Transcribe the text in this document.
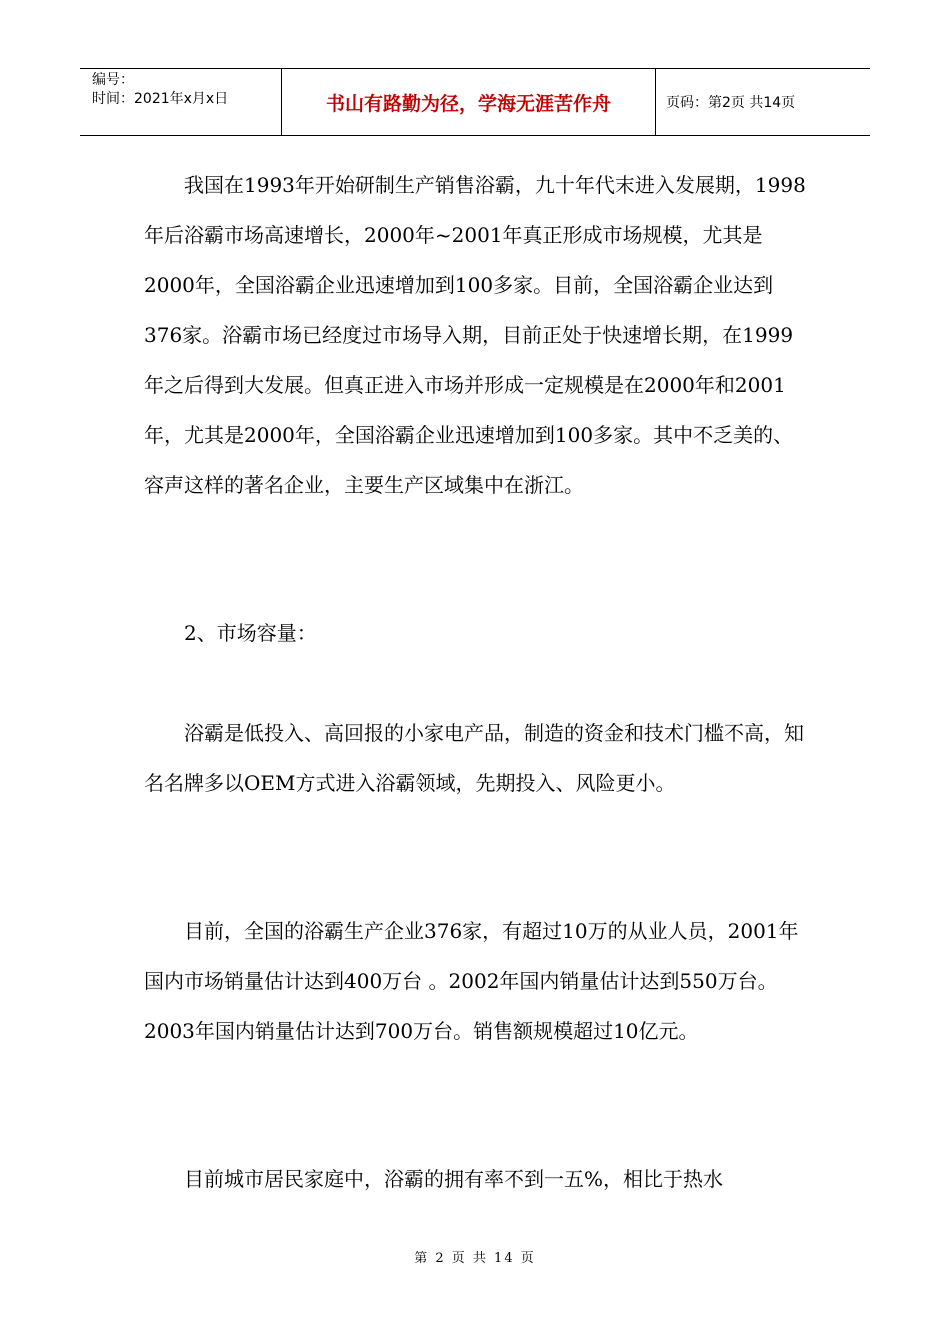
编号：
时间：2021年x月x日	书山有路勤为径，学海无涯苦作舟	页码：第2页 共14页

我国在1993年开始研制生产销售浴霸，九十年代末进入发展期，1998年后浴霸市场高速增长，2000年~2001年真正形成市场规模，尤其是 2000年，全国浴霸企业迅速增加到100多家。目前，全国浴霸企业达到376家。浴霸市场已经度过市场导入期，目前正处于快速增长期，在1999年之后得到大发展。但真正进入市场并形成一定规模是在2000年和2001年，尤其是2000年，全国浴霸企业迅速增加到100多家。其中不乏美的、容声这样的著名企业，主要生产区域集中在浙江。

2、市场容量：

浴霸是低投入、高回报的小家电产品，制造的资金和技术门槛不高，知名名牌多以OEM方式进入浴霸领域，先期投入、风险更小。

目前，全国的浴霸生产企业376家，有超过10万的从业人员，2001年国内市场销量估计达到400万台 。2002年国内销量估计达到550万台。2003年国内销量估计达到700万台。销售额规模超过10亿元。

目前城市居民家庭中，浴霸的拥有率不到一五%，相比于热水

第 2 页 共 14 页
